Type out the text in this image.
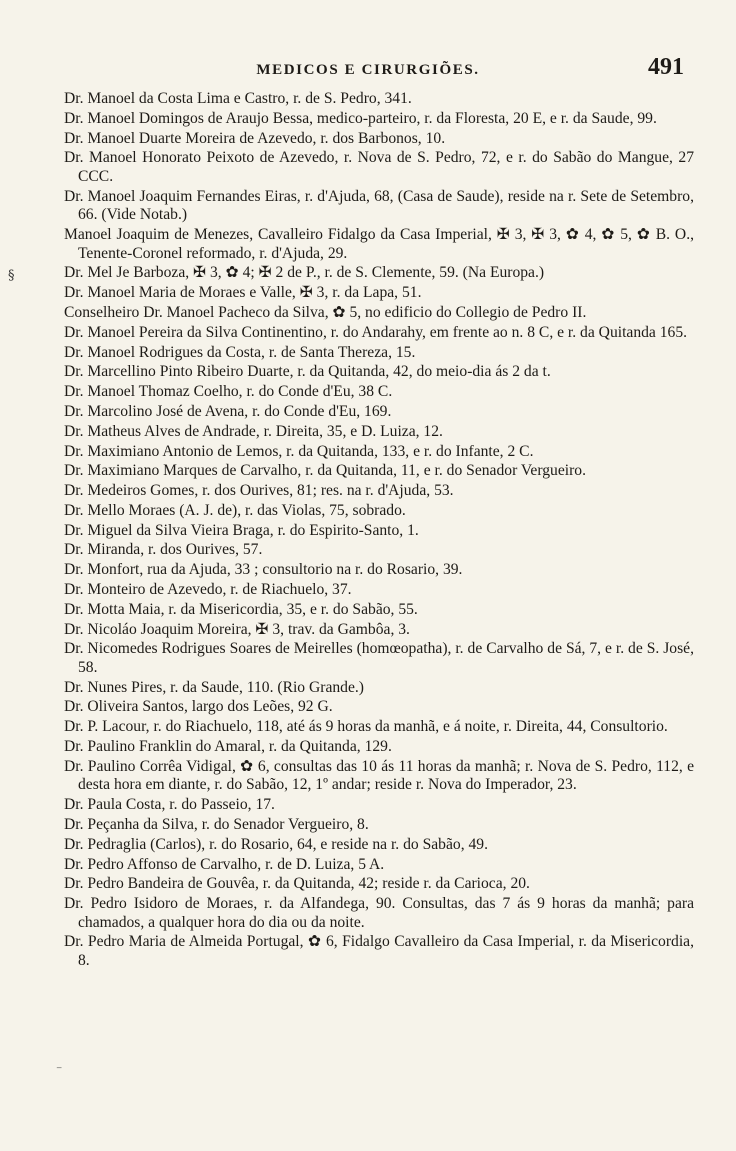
MEDICOS E CIRURGIÕES.	491
§

Dr. Manoel da Costa Lima e Castro, r. de S. Pedro, 341.

Dr. Manoel Domingos de Araujo Bessa, medico-parteiro, r. da Floresta, 20 E, e r. da Saude, 99.

Dr. Manoel Duarte Moreira de Azevedo, r. dos Barbonos, 10.

Dr. Manoel Honorato Peixoto de Azevedo, r. Nova de S. Pedro, 72, e r. do Sabão do Mangue, 27 CCC.

Dr. Manoel Joaquim Fernandes Eiras, r. d'Ajuda, 68, (Casa de Saude), reside na r. Sete de Setembro, 66. (Vide Notab.)

Manoel Joaquim de Menezes, Cavalleiro Fidalgo da Casa Imperial, ✠ 3, ✠ 3, ✿ 4, ✿ 5, ✿ B. O., Tenente-Coronel reformado, r. d'Ajuda, 29.

Dr. Mel Je Barboza, ✠ 3, ✿ 4; ✠ 2 de P., r. de S. Clemente, 59. (Na Europa.)

Dr. Manoel Maria de Moraes e Valle, ✠ 3, r. da Lapa, 51.

Conselheiro Dr. Manoel Pacheco da Silva, ✿ 5, no edificio do Collegio de Pedro II.

Dr. Manoel Pereira da Silva Continentino, r. do Andarahy, em frente ao n. 8 C, e r. da Quitanda 165.

Dr. Manoel Rodrigues da Costa, r. de Santa Thereza, 15.

Dr. Marcellino Pinto Ribeiro Duarte, r. da Quitanda, 42, do meio-dia ás 2 da t.

Dr. Manoel Thomaz Coelho, r. do Conde d'Eu, 38 C.

Dr. Marcolino José de Avena, r. do Conde d'Eu, 169.

Dr. Matheus Alves de Andrade, r. Direita, 35, e D. Luiza, 12.

Dr. Maximiano Antonio de Lemos, r. da Quitanda, 133, e r. do Infante, 2 C.

Dr. Maximiano Marques de Carvalho, r. da Quitanda, 11, e r. do Senador Vergueiro.

Dr. Medeiros Gomes, r. dos Ourives, 81; res. na r. d'Ajuda, 53.

Dr. Mello Moraes (A. J. de), r. das Violas, 75, sobrado.

Dr. Miguel da Silva Vieira Braga, r. do Espirito-Santo, 1.

Dr. Miranda, r. dos Ourives, 57.

Dr. Monfort, rua da Ajuda, 33 ; consultorio na r. do Rosario, 39.

Dr. Monteiro de Azevedo, r. de Riachuelo, 37.

Dr. Motta Maia, r. da Misericordia, 35, e r. do Sabão, 55.

Dr. Nicoláo Joaquim Moreira, ✠ 3, trav. da Gambôa, 3.

Dr. Nicomedes Rodrigues Soares de Meirelles (homœopatha), r. de Carvalho de Sá, 7, e r. de S. José, 58.

Dr. Nunes Pires, r. da Saude, 110. (Rio Grande.)

Dr. Oliveira Santos, largo dos Leões, 92 G.

Dr. P. Lacour, r. do Riachuelo, 118, até ás 9 horas da manhã, e á noite, r. Direita, 44, Consultorio.

Dr. Paulino Franklin do Amaral, r. da Quitanda, 129.

Dr. Paulino Corrêa Vidigal, ✿ 6, consultas das 10 ás 11 horas da manhã; r. Nova de S. Pedro, 112, e desta hora em diante, r. do Sabão, 12, 1º andar; reside r. Nova do Imperador, 23.

Dr. Paula Costa, r. do Passeio, 17.

Dr. Peçanha da Silva, r. do Senador Vergueiro, 8.

Dr. Pedraglia (Carlos), r. do Rosario, 64, e reside na r. do Sabão, 49.

Dr. Pedro Affonso de Carvalho, r. de D. Luiza, 5 A.

Dr. Pedro Bandeira de Gouvêa, r. da Quitanda, 42; reside r. da Carioca, 20.

Dr. Pedro Isidoro de Moraes, r. da Alfandega, 90. Consultas, das 7 ás 9 horas da manhã; para chamados, a qualquer hora do dia ou da noite.

Dr. Pedro Maria de Almeida Portugal, ✿ 6, Fidalgo Cavalleiro da Casa Imperial, r. da Misericordia, 8.

⁻
